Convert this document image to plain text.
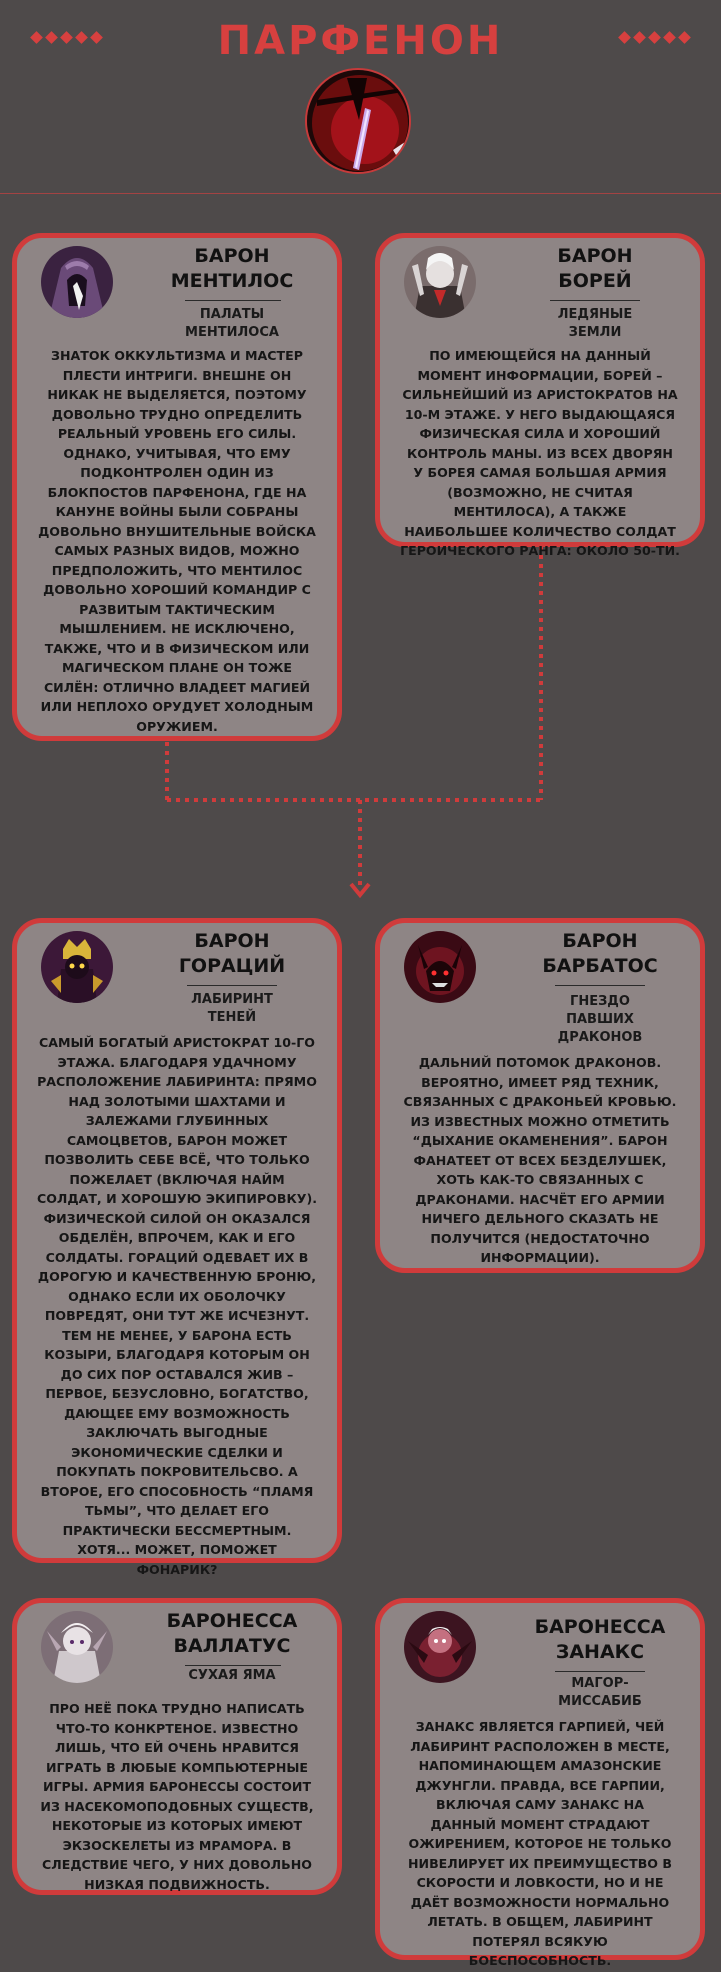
ПАРФЕНОН
БАРОН
МЕНТИЛОС
ПАЛАТЫ
МЕНТИЛОСА
ЗНАТОК ОККУЛЬТИЗМА И МАСТЕР ПЛЕСТИ ИНТРИГИ. ВНЕШНЕ ОН НИКАК НЕ ВЫДЕЛЯЕТСЯ, ПОЭТОМУ ДОВОЛЬНО ТРУДНО ОПРЕДЕЛИТЬ РЕАЛЬНЫЙ УРОВЕНЬ ЕГО СИЛЫ. ОДНАКО, УЧИТЫВАЯ, ЧТО ЕМУ ПОДКОНТРОЛЕН ОДИН ИЗ БЛОКПОСТОВ ПАРФЕНОНА, ГДЕ НА КАНУНЕ ВОЙНЫ БЫЛИ СОБРАНЫ ДОВОЛЬНО ВНУШИТЕЛЬНЫЕ ВОЙСКА САМЫХ РАЗНЫХ ВИДОВ, МОЖНО ПРЕДПОЛОЖИТЬ, ЧТО МЕНТИЛОС ДОВОЛЬНО ХОРОШИЙ КОМАНДИР С РАЗВИТЫМ ТАКТИЧЕСКИМ МЫШЛЕНИЕМ. НЕ ИСКЛЮЧЕНО, ТАКЖЕ, ЧТО И В ФИЗИЧЕСКОМ ИЛИ МАГИЧЕСКОМ ПЛАНЕ ОН ТОЖЕ СИЛЁН: ОТЛИЧНО ВЛАДЕЕТ МАГИЕЙ ИЛИ НЕПЛОХО ОРУДУЕТ ХОЛОДНЫМ ОРУЖИЕМ.
БАРОН
БОРЕЙ
ЛЕДЯНЫЕ
ЗЕМЛИ
ПО ИМЕЮЩЕЙСЯ НА ДАННЫЙ МОМЕНТ ИНФОРМАЦИИ, БОРЕЙ – СИЛЬНЕЙШИЙ ИЗ АРИСТОКРАТОВ НА 10-М ЭТАЖЕ. У НЕГО ВЫДАЮЩАЯСЯ ФИЗИЧЕСКАЯ СИЛА И ХОРОШИЙ КОНТРОЛЬ МАНЫ. ИЗ ВСЕХ ДВОРЯН У БОРЕЯ САМАЯ БОЛЬШАЯ АРМИЯ (ВОЗМОЖНО, НЕ СЧИТАЯ МЕНТИЛОСА), А ТАКЖЕ НАИБОЛЬШЕЕ КОЛИЧЕСТВО СОЛДАТ ГЕРОИЧЕСКОГО РАНГА: ОКОЛО 50-ТИ.
БАРОН
ГОРАЦИЙ
ЛАБИРИНТ
ТЕНЕЙ
САМЫЙ БОГАТЫЙ АРИСТОКРАТ 10-ГО ЭТАЖА. БЛАГОДАРЯ УДАЧНОМУ РАСПОЛОЖЕНИЕ ЛАБИРИНТА: ПРЯМО НАД ЗОЛОТЫМИ ШАХТАМИ И ЗАЛЕЖАМИ ГЛУБИННЫХ САМОЦВЕТОВ, БАРОН МОЖЕТ ПОЗВОЛИТЬ СЕБЕ ВСЁ, ЧТО ТОЛЬКО ПОЖЕЛАЕТ (ВКЛЮЧАЯ НАЙМ СОЛДАТ, И ХОРОШУЮ ЭКИПИРОВКУ). ФИЗИЧЕСКОЙ СИЛОЙ ОН ОКАЗАЛСЯ ОБДЕЛЁН, ВПРОЧЕМ, КАК И ЕГО СОЛДАТЫ. ГОРАЦИЙ ОДЕВАЕТ ИХ В ДОРОГУЮ И КАЧЕСТВЕННУЮ БРОНЮ, ОДНАКО ЕСЛИ ИХ ОБОЛОЧКУ ПОВРЕДЯТ, ОНИ ТУТ ЖЕ ИСЧЕЗНУТ. ТЕМ НЕ МЕНЕЕ, У БАРОНА ЕСТЬ КОЗЫРИ, БЛАГОДАРЯ КОТОРЫМ ОН ДО СИХ ПОР ОСТАВАЛСЯ ЖИВ – ПЕРВОЕ, БЕЗУСЛОВНО, БОГАТСТВО, ДАЮЩЕЕ ЕМУ ВОЗМОЖНОСТЬ ЗАКЛЮЧАТЬ ВЫГОДНЫЕ ЭКОНОМИЧЕСКИЕ СДЕЛКИ И ПОКУПАТЬ ПОКРОВИТЕЛЬСВО. А ВТОРОЕ, ЕГО СПОСОБНОСТЬ “ПЛАМЯ ТЬМЫ”, ЧТО ДЕЛАЕТ ЕГО ПРАКТИЧЕСКИ БЕССМЕРТНЫМ. ХОТЯ... МОЖЕТ, ПОМОЖЕТ ФОНАРИК?
БАРОН
БАРБАТОС
ГНЕЗДО
ПАВШИХ
ДРАКОНОВ
ДАЛЬНИЙ ПОТОМОК ДРАКОНОВ. ВЕРОЯТНО, ИМЕЕТ РЯД ТЕХНИК, СВЯЗАННЫХ С ДРАКОНЬЕЙ КРОВЬЮ. ИЗ ИЗВЕСТНЫХ МОЖНО ОТМЕТИТЬ “ДЫХАНИЕ ОКАМЕНЕНИЯ”. БАРОН ФАНАТЕЕТ ОТ ВСЕХ БЕЗДЕЛУШЕК, ХОТЬ КАК-ТО СВЯЗАННЫХ С ДРАКОНАМИ. НАСЧЁТ ЕГО АРМИИ НИЧЕГО ДЕЛЬНОГО СКАЗАТЬ НЕ ПОЛУЧИТСЯ (НЕДОСТАТОЧНО ИНФОРМАЦИИ).
БАРОНЕССА
ВАЛЛАТУС
СУХАЯ ЯМА
ПРО НЕЁ ПОКА ТРУДНО НАПИСАТЬ ЧТО-ТО КОНКРТЕНОЕ. ИЗВЕСТНО ЛИШЬ, ЧТО ЕЙ ОЧЕНЬ НРАВИТСЯ ИГРАТЬ В ЛЮБЫЕ КОМПЬЮТЕРНЫЕ ИГРЫ. АРМИЯ БАРОНЕССЫ СОСТОИТ ИЗ НАСЕКОМОПОДОБНЫХ СУЩЕСТВ, НЕКОТОРЫЕ ИЗ КОТОРЫХ ИМЕЮТ ЭКЗОСКЕЛЕТЫ ИЗ МРАМОРА. В СЛЕДСТВИЕ ЧЕГО, У НИХ ДОВОЛЬНО НИЗКАЯ ПОДВИЖНОСТЬ.
БАРОНЕССА
ЗАНАКС
МАГОР-
МИССАБИБ
ЗАНАКС ЯВЛЯЕТСЯ ГАРПИЕЙ, ЧЕЙ ЛАБИРИНТ РАСПОЛОЖЕН В МЕСТЕ, НАПОМИНАЮЩЕМ АМАЗОНСКИЕ ДЖУНГЛИ. ПРАВДА, ВСЕ ГАРПИИ, ВКЛЮЧАЯ САМУ ЗАНАКС НА ДАННЫЙ МОМЕНТ СТРАДАЮТ ОЖИРЕНИЕМ, КОТОРОЕ НЕ ТОЛЬКО НИВЕЛИРУЕТ ИХ ПРЕИМУЩЕСТВО В СКОРОСТИ И ЛОВКОСТИ, НО И НЕ ДАЁТ ВОЗМОЖНОСТИ НОРМАЛЬНО ЛЕТАТЬ. В ОБЩЕМ, ЛАБИРИНТ ПОТЕРЯЛ ВСЯКУЮ БОЕСПОСОБНОСТЬ.
